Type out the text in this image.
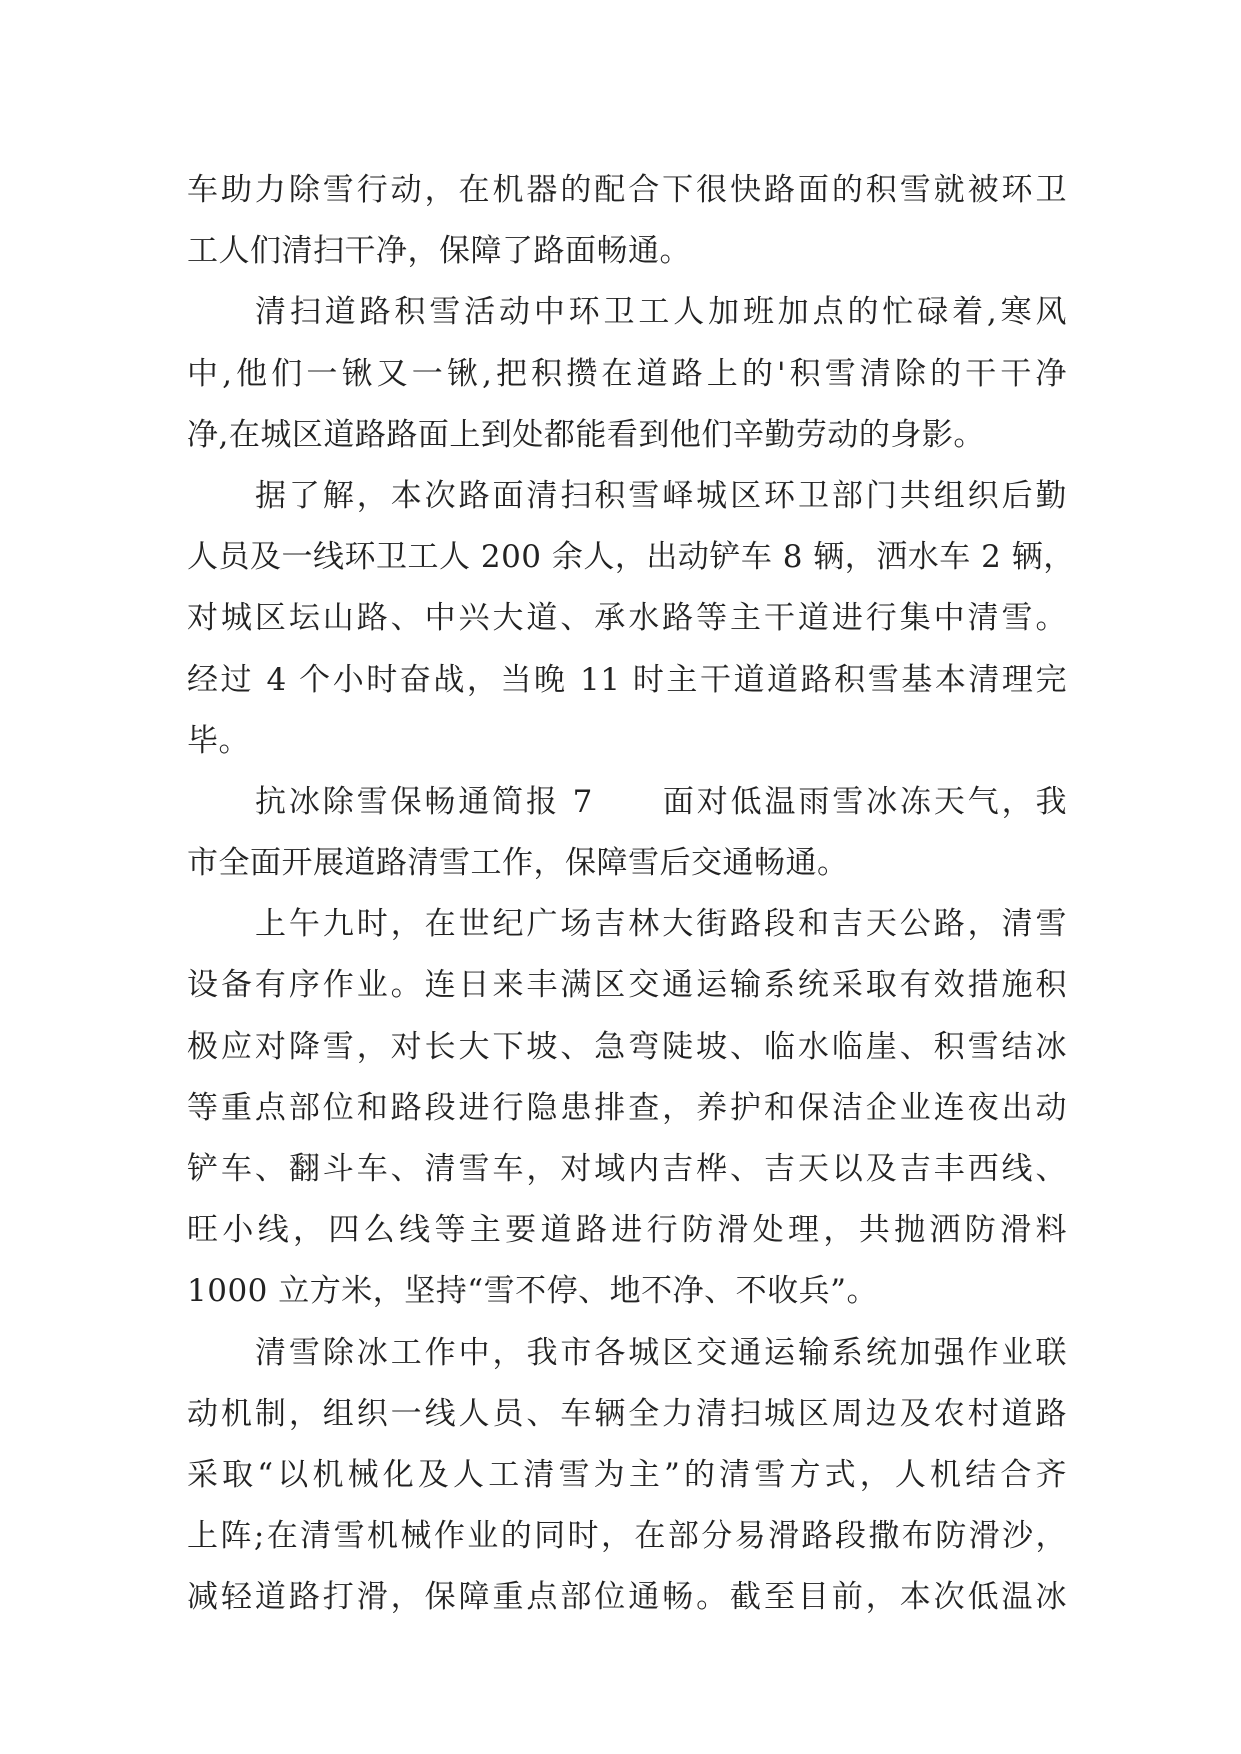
车助力除雪行动，在机器的配合下很快路面的积雪就被环卫
工人们清扫干净，保障了路面畅通。
清扫道路积雪活动中环卫工人加班加点的忙碌着,寒风
中,他们一锹又一锹,把积攒在道路上的'积雪清除的干干净
净,在城区道路路面上到处都能看到他们辛勤劳动的身影。
据了解，本次路面清扫积雪峄城区环卫部门共组织后勤
人员及一线环卫工人 200 余人，出动铲车 8 辆，洒水车 2 辆，
对城区坛山路、中兴大道、承水路等主干道进行集中清雪。
经过 4 个小时奋战，当晚 11 时主干道道路积雪基本清理完
毕。
抗冰除雪保畅通简报 7　　面对低温雨雪冰冻天气，我
市全面开展道路清雪工作，保障雪后交通畅通。
上午九时，在世纪广场吉林大街路段和吉天公路，清雪
设备有序作业。连日来丰满区交通运输系统采取有效措施积
极应对降雪，对长大下坡、急弯陡坡、临水临崖、积雪结冰
等重点部位和路段进行隐患排查，养护和保洁企业连夜出动
铲车、翻斗车、清雪车，对域内吉桦、吉天以及吉丰西线、
旺小线，四么线等主要道路进行防滑处理，共抛洒防滑料
1000 立方米，坚持“雪不停、地不净、不收兵”。
清雪除冰工作中，我市各城区交通运输系统加强作业联
动机制，组织一线人员、车辆全力清扫城区周边及农村道路
采取“以机械化及人工清雪为主”的清雪方式，人机结合齐
上阵;在清雪机械作业的同时，在部分易滑路段撒布防滑沙，
减轻道路打滑，保障重点部位通畅。截至目前，本次低温冰
